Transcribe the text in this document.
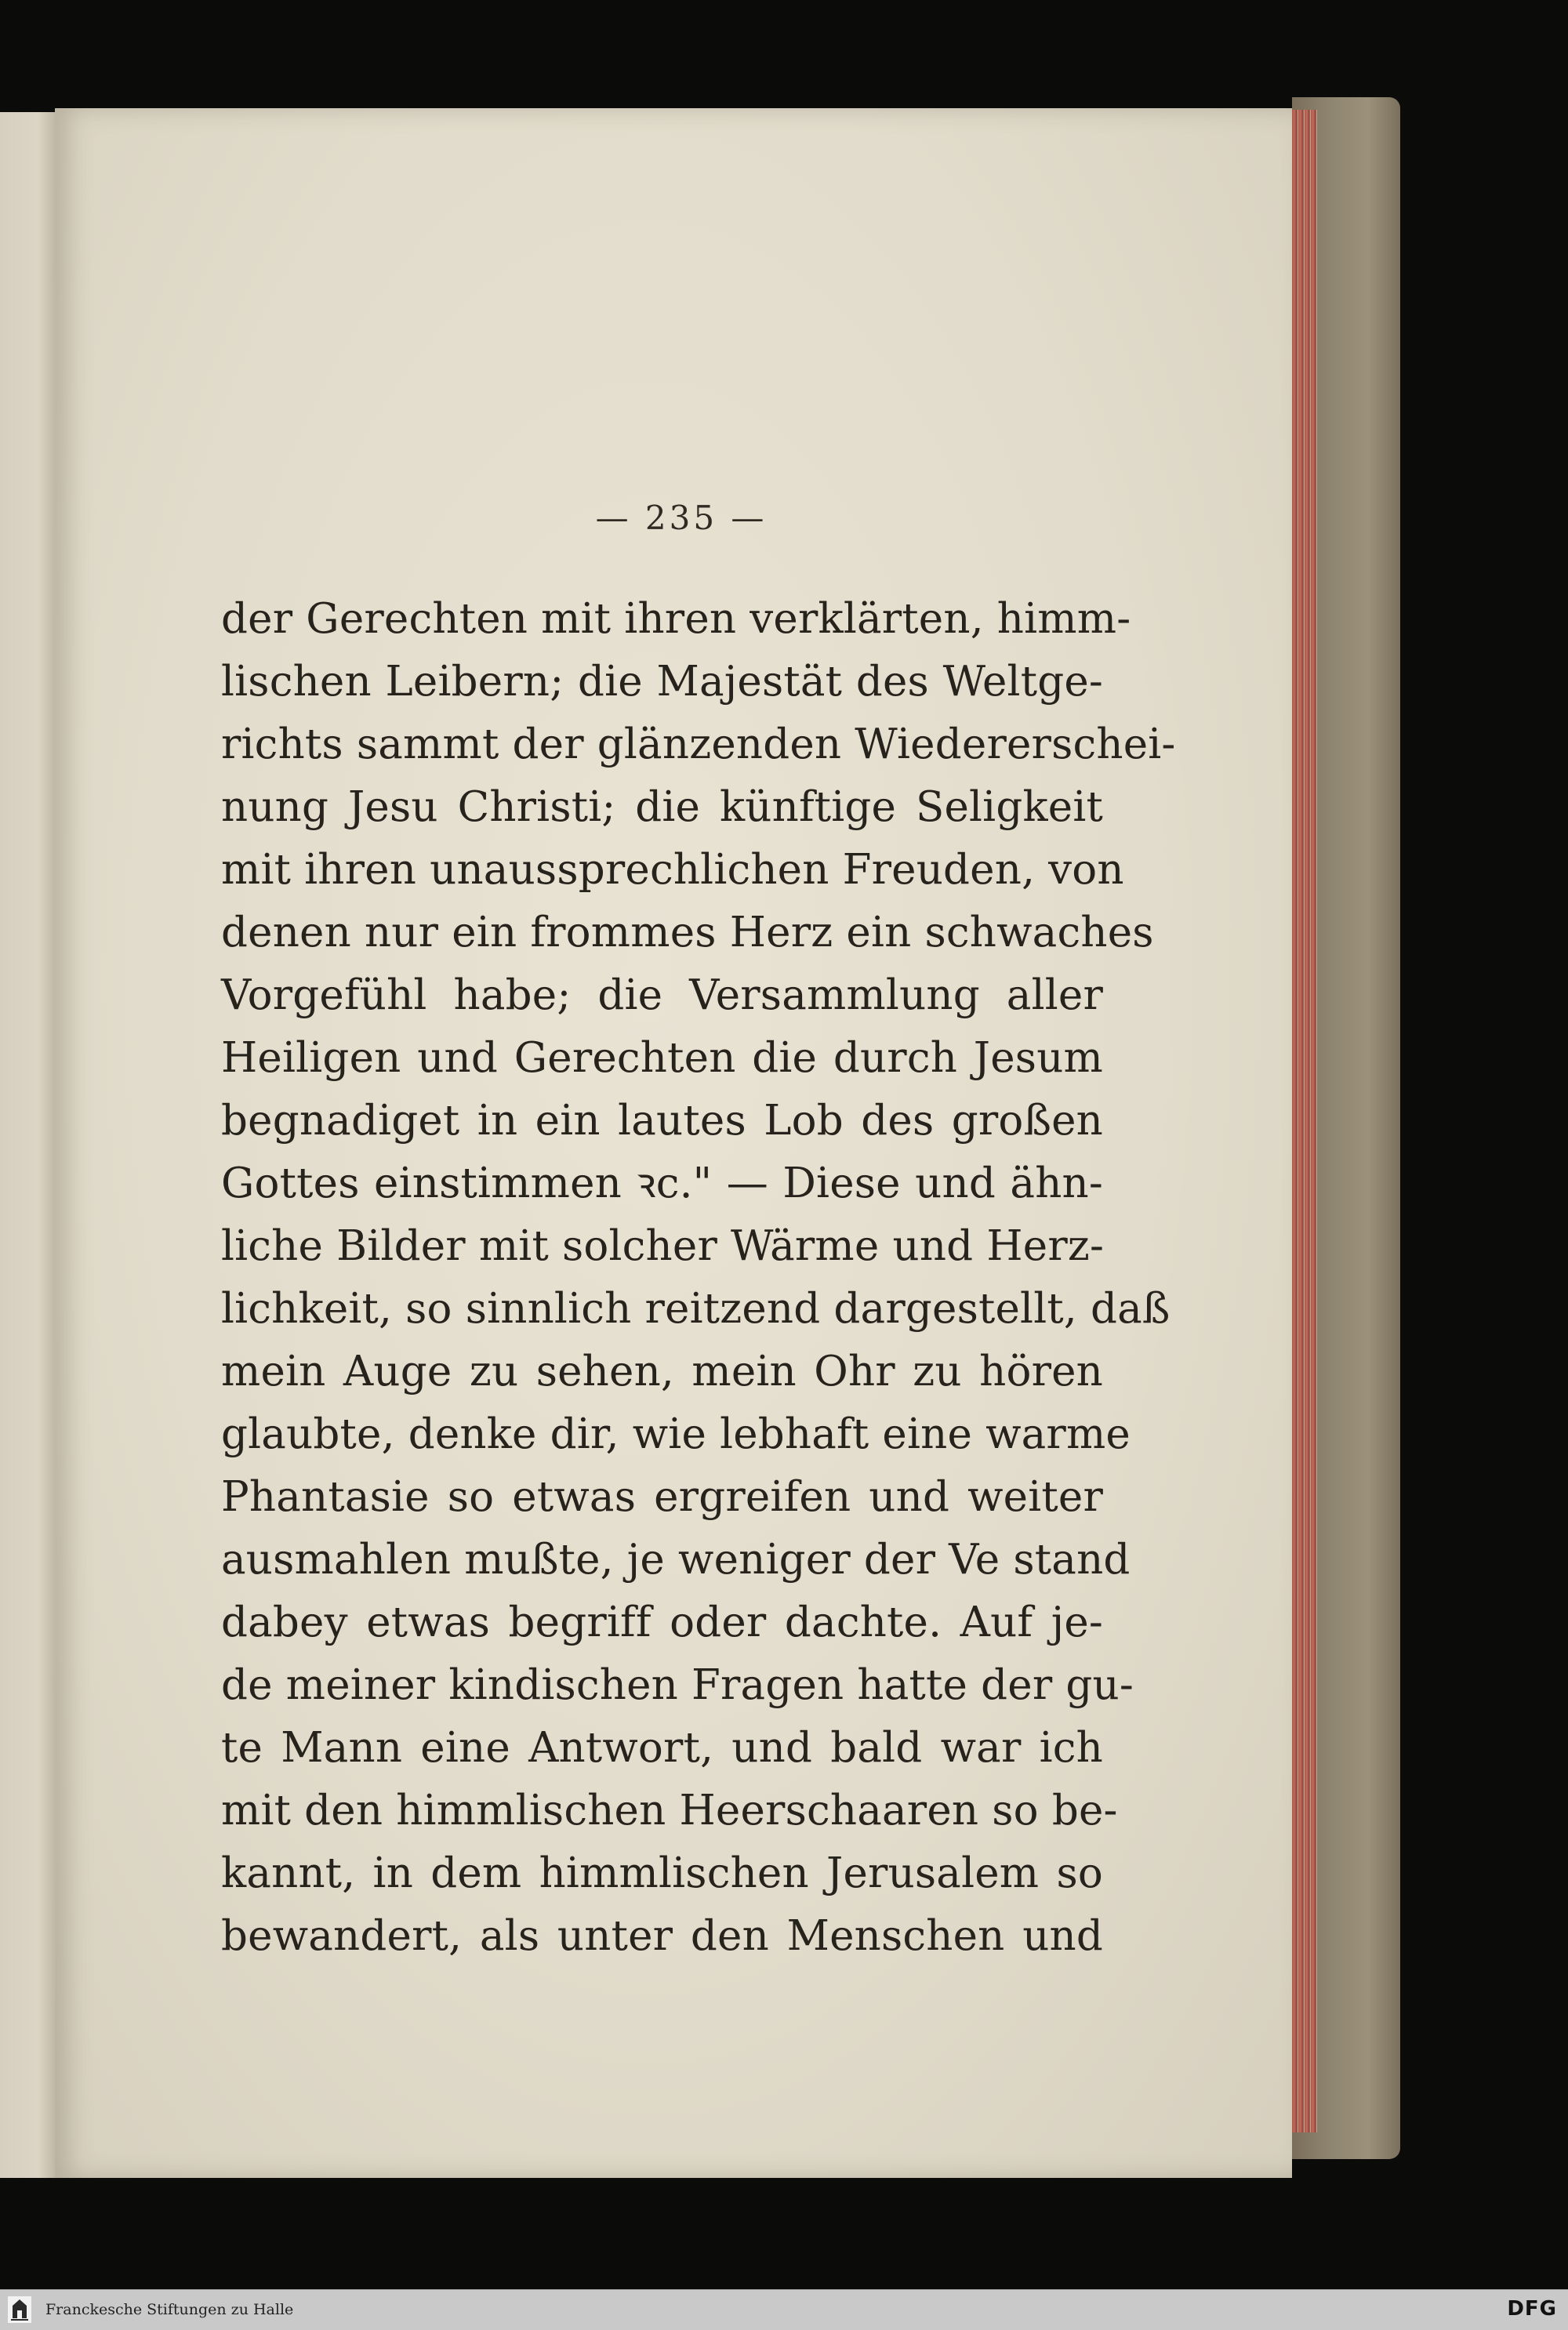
— 235 —
der Gerechten mit ihren verklärten, himm-
lischen Leibern; die Majestät des Weltge-
richts sammt der glänzenden Wiedererschei-
nung Jesu Christi; die künftige Seligkeit
mit ihren unaussprechlichen Freuden, von
denen nur ein frommes Herz ein schwaches
Vorgefühl habe; die Versammlung aller
Heiligen und Gerechten die durch Jesum
begnadiget in ein lautes Lob des großen
Gottes einstimmen ꝛc." — Diese und ähn-
liche Bilder mit solcher Wärme und Herz-
lichkeit, so sinnlich reitzend dargestellt, daß
mein Auge zu sehen, mein Ohr zu hören
glaubte, denke dir, wie lebhaft eine warme
Phantasie so etwas ergreifen und weiter
ausmahlen mußte, je weniger der Ve stand
dabey etwas begriff oder dachte. Auf je-
de meiner kindischen Fragen hatte der gu-
te Mann eine Antwort, und bald war ich
mit den himmlischen Heerschaaren so be-
kannt, in dem himmlischen Jerusalem so
bewandert, als unter den Menschen und
Franckesche Stiftungen zu Halle	DFG
